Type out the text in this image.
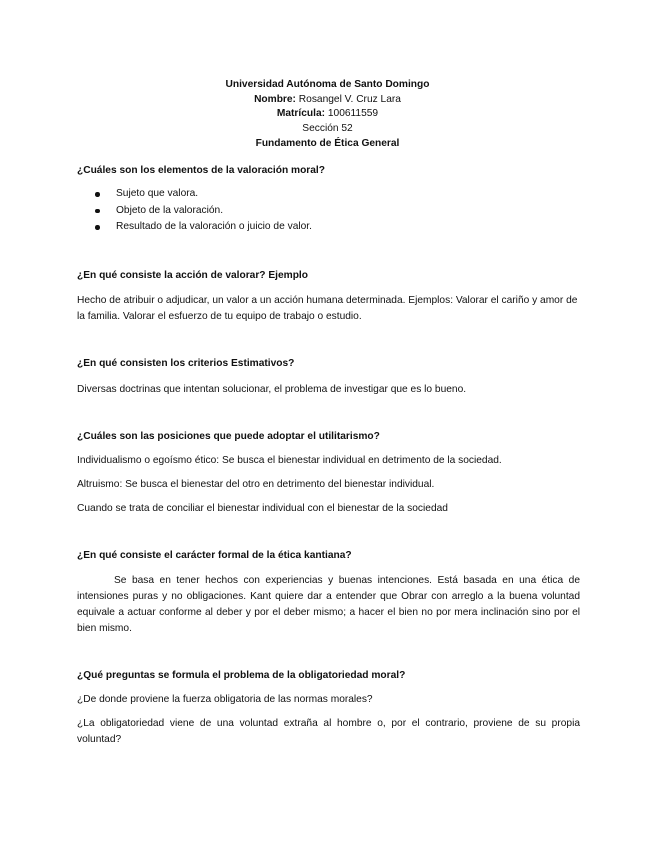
Universidad Autónoma de Santo Domingo
Nombre: Rosangel V. Cruz Lara
Matrícula: 100611559
Sección 52
Fundamento de Ética General
¿Cuáles son los elementos de la valoración moral?
Sujeto que valora.
Objeto de la valoración.
Resultado de la valoración o juicio de valor.
¿En qué consiste la acción de valorar? Ejemplo
Hecho de atribuir o adjudicar, un valor a un acción humana determinada. Ejemplos: Valorar el cariño y amor de la familia. Valorar el esfuerzo de tu equipo de trabajo o estudio.
¿En qué consisten los criterios Estimativos?
Diversas doctrinas que intentan solucionar, el problema de investigar que es lo bueno.
¿Cuáles son las posiciones que puede adoptar el utilitarismo?
Individualismo o egoísmo ético: Se busca el bienestar individual en detrimento de la sociedad.
Altruismo: Se busca el bienestar del otro en detrimento del bienestar individual.
Cuando se trata de conciliar el bienestar individual con el bienestar de la sociedad
¿En qué consiste el carácter formal de la ética kantiana?
Se basa en tener hechos con experiencias y buenas intenciones. Está basada en una ética de intensiones puras y no obligaciones. Kant quiere dar a entender que Obrar con arreglo a la buena voluntad equivale a actuar conforme al deber y por el deber mismo; a hacer el bien no por mera inclinación sino por el bien mismo.
¿Qué preguntas se formula el problema de la obligatoriedad moral?
¿De donde proviene la fuerza obligatoria de las normas morales?
¿La obligatoriedad viene de una voluntad extraña al hombre o, por el contrario, proviene de su propia voluntad?
